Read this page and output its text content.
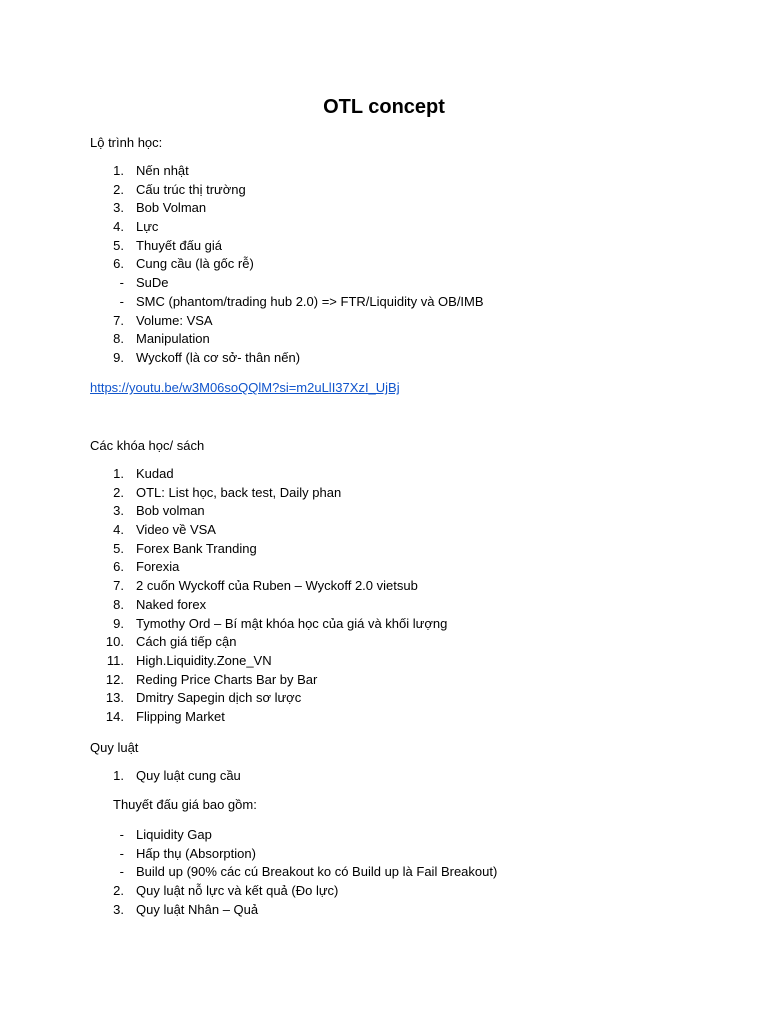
OTL concept
Lộ trình học:
1. Nến nhật
2. Cấu trúc thị trường
3. Bob Volman
4. Lực
5. Thuyết đấu giá
6. Cung cầu (là gốc rễ)
- SuDe
- SMC (phantom/trading hub 2.0) => FTR/Liquidity và OB/IMB
7. Volume: VSA
8. Manipulation
9. Wyckoff (là cơ sở- thân nến)
https://youtu.be/w3M06soQQlM?si=m2uLlI37XzI_UjBj
Các khóa học/ sách
1. Kudad
2. OTL: List học, back test, Daily phan
3. Bob volman
4. Video về VSA
5. Forex Bank Tranding
6. Forexia
7. 2 cuốn Wyckoff của Ruben – Wyckoff 2.0 vietsub
8. Naked forex
9. Tymothy Ord – Bí mật khóa học của giá và khối lượng
10. Cách giá tiếp cận
11. High.Liquidity.Zone_VN
12. Reding Price Charts Bar by Bar
13. Dmitry Sapegin dịch sơ lược
14. Flipping Market
Quy luật
1. Quy luật cung cầu
Thuyết đấu giá bao gồm:
- Liquidity Gap
- Hấp thụ (Absorption)
- Build up (90% các cú Breakout ko có Build up là Fail Breakout)
2. Quy luật nỗ lực và kết quả (Đo lực)
3. Quy luật Nhân – Quả
